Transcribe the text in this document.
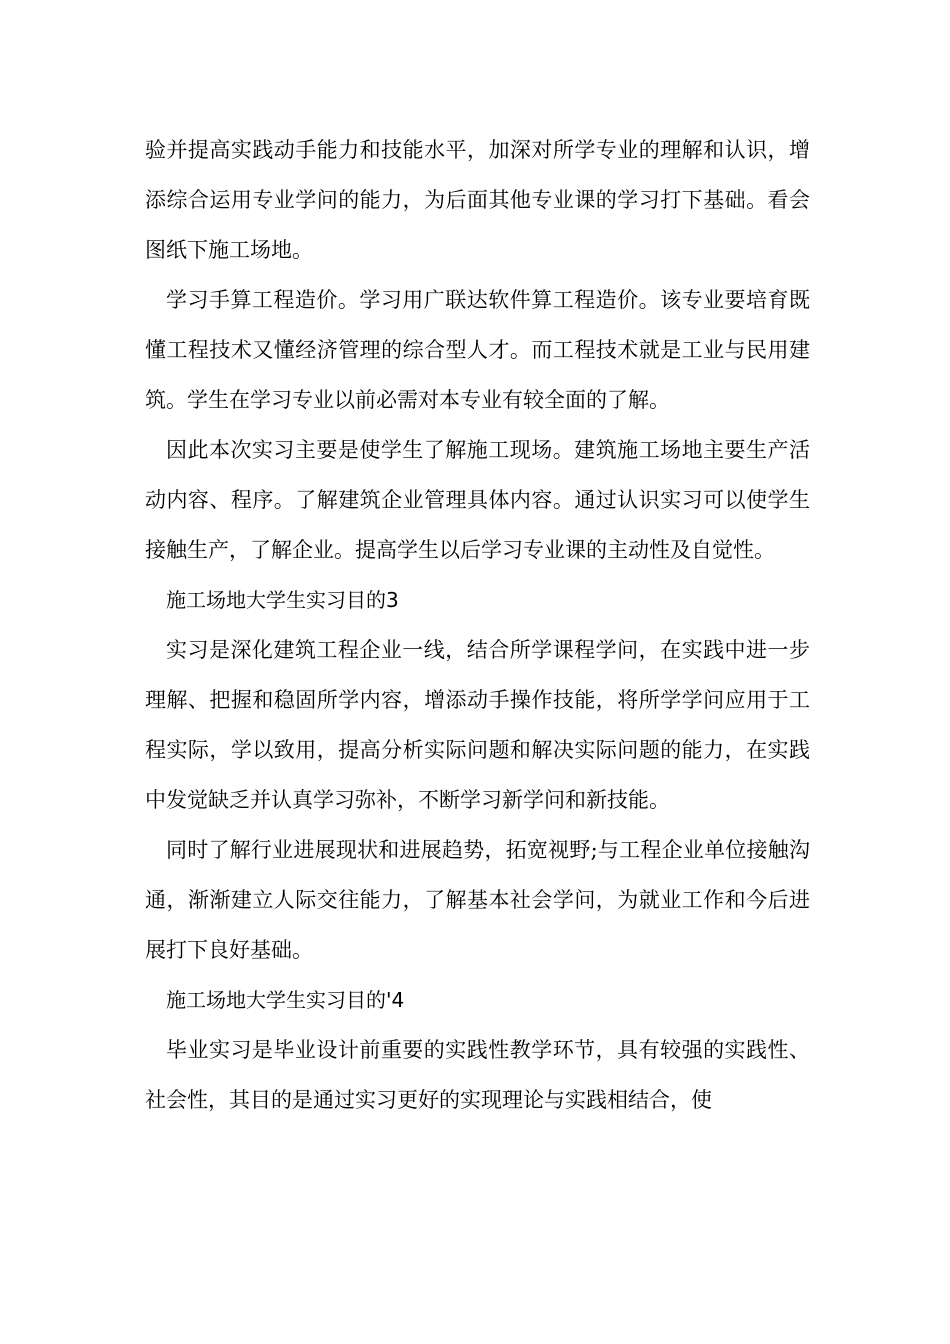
验并提高实践动手能力和技能水平，加深对所学专业的理解和认识，增添综合运用专业学问的能力，为后面其他专业课的学习打下基础。看会图纸下施工场地。

学习手算工程造价。学习用广联达软件算工程造价。该专业要培育既懂工程技术又懂经济管理的综合型人才。而工程技术就是工业与民用建筑。学生在学习专业以前必需对本专业有较全面的了解。

因此本次实习主要是使学生了解施工现场。建筑施工场地主要生产活动内容、程序。了解建筑企业管理具体内容。通过认识实习可以使学生接触生产，了解企业。提高学生以后学习专业课的主动性及自觉性。

施工场地大学生实习目的3

实习是深化建筑工程企业一线，结合所学课程学问，在实践中进一步理解、把握和稳固所学内容，增添动手操作技能，将所学学问应用于工程实际，学以致用，提高分析实际问题和解决实际问题的能力，在实践中发觉缺乏并认真学习弥补，不断学习新学问和新技能。

同时了解行业进展现状和进展趋势，拓宽视野;与工程企业单位接触沟通，渐渐建立人际交往能力，了解基本社会学问，为就业工作和今后进展打下良好基础。

施工场地大学生实习目的'4

毕业实习是毕业设计前重要的实践性教学环节，具有较强的实践性、社会性，其目的是通过实习更好的实现理论与实践相结合，使
